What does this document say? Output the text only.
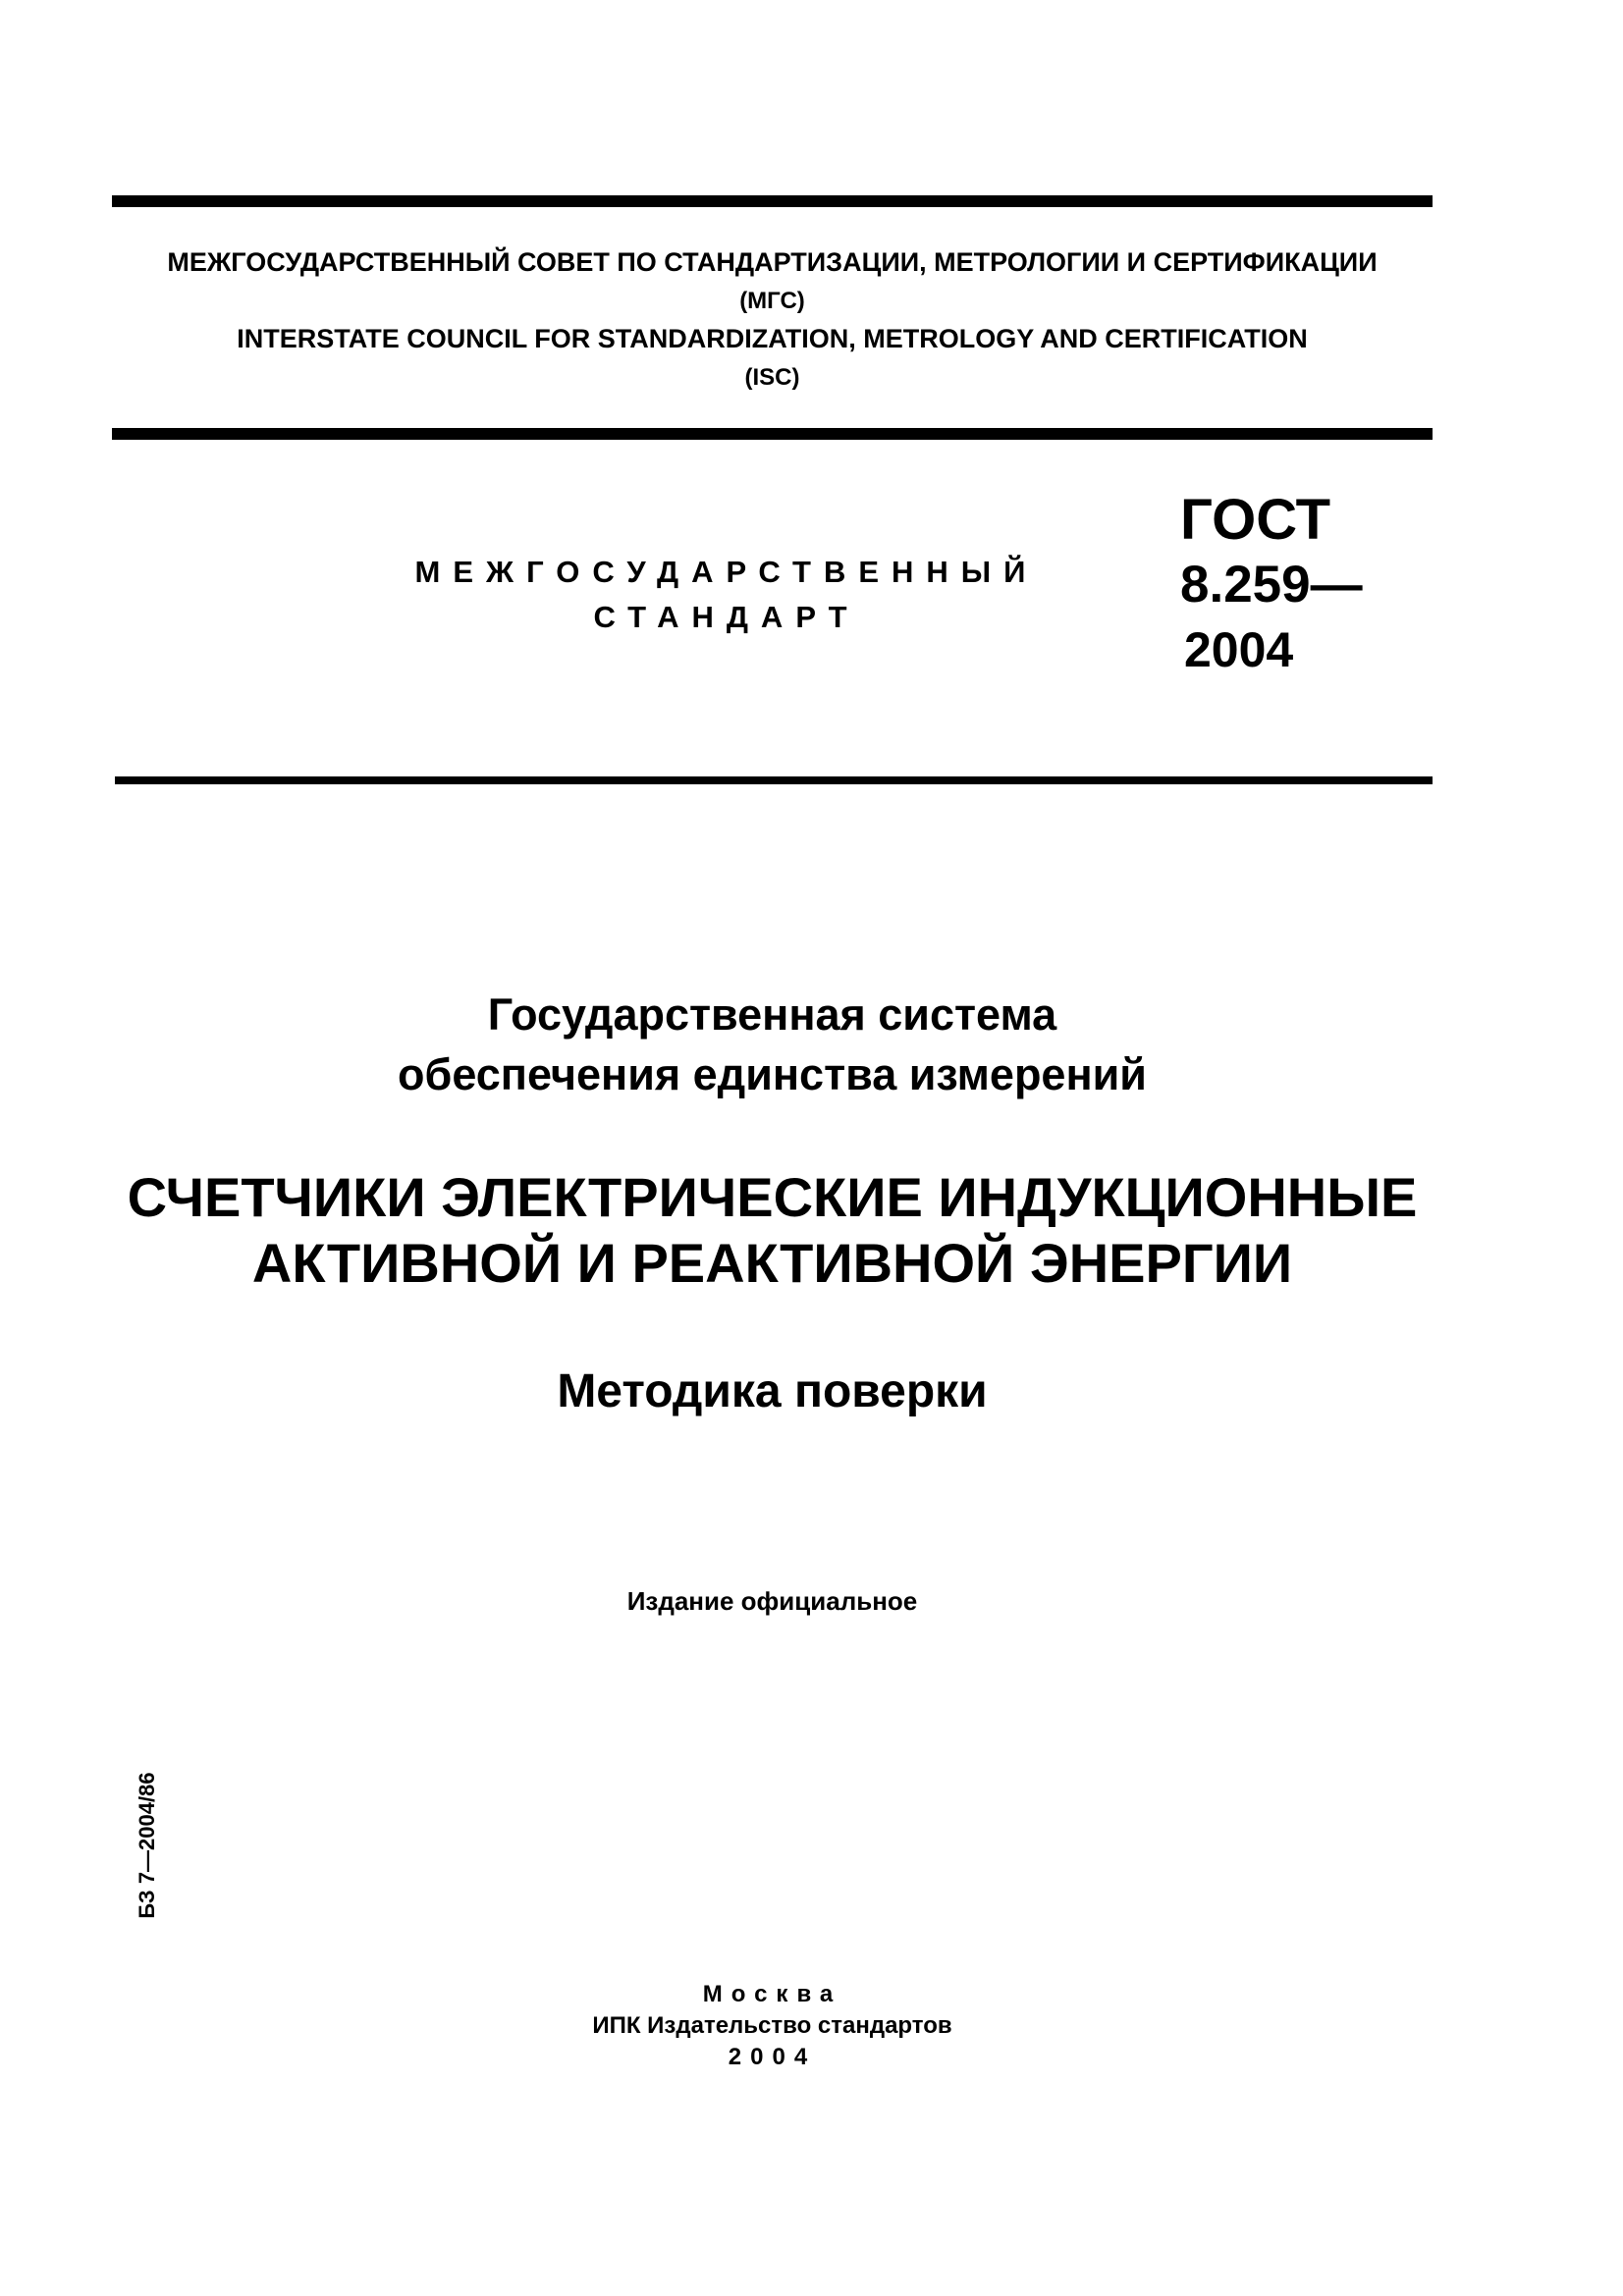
МЕЖГОСУДАРСТВЕННЫЙ СОВЕТ ПО СТАНДАРТИЗАЦИИ, МЕТРОЛОГИИ И СЕРТИФИКАЦИИ
(МГС)
INTERSTATE COUNCIL FOR STANDARDIZATION, METROLOGY AND CERTIFICATION
(ISC)
МЕЖГОСУДАРСТВЕННЫЙ
СТАНДАРТ
ГОСТ
8.259—
2004
Государственная система
обеспечения единства измерений
СЧЕТЧИКИ ЭЛЕКТРИЧЕСКИЕ ИНДУКЦИОННЫЕ
АКТИВНОЙ И РЕАКТИВНОЙ ЭНЕРГИИ
Методика поверки
Издание официальное
БЗ 7—2004/86
Москва
ИПК Издательство стандартов
2004
